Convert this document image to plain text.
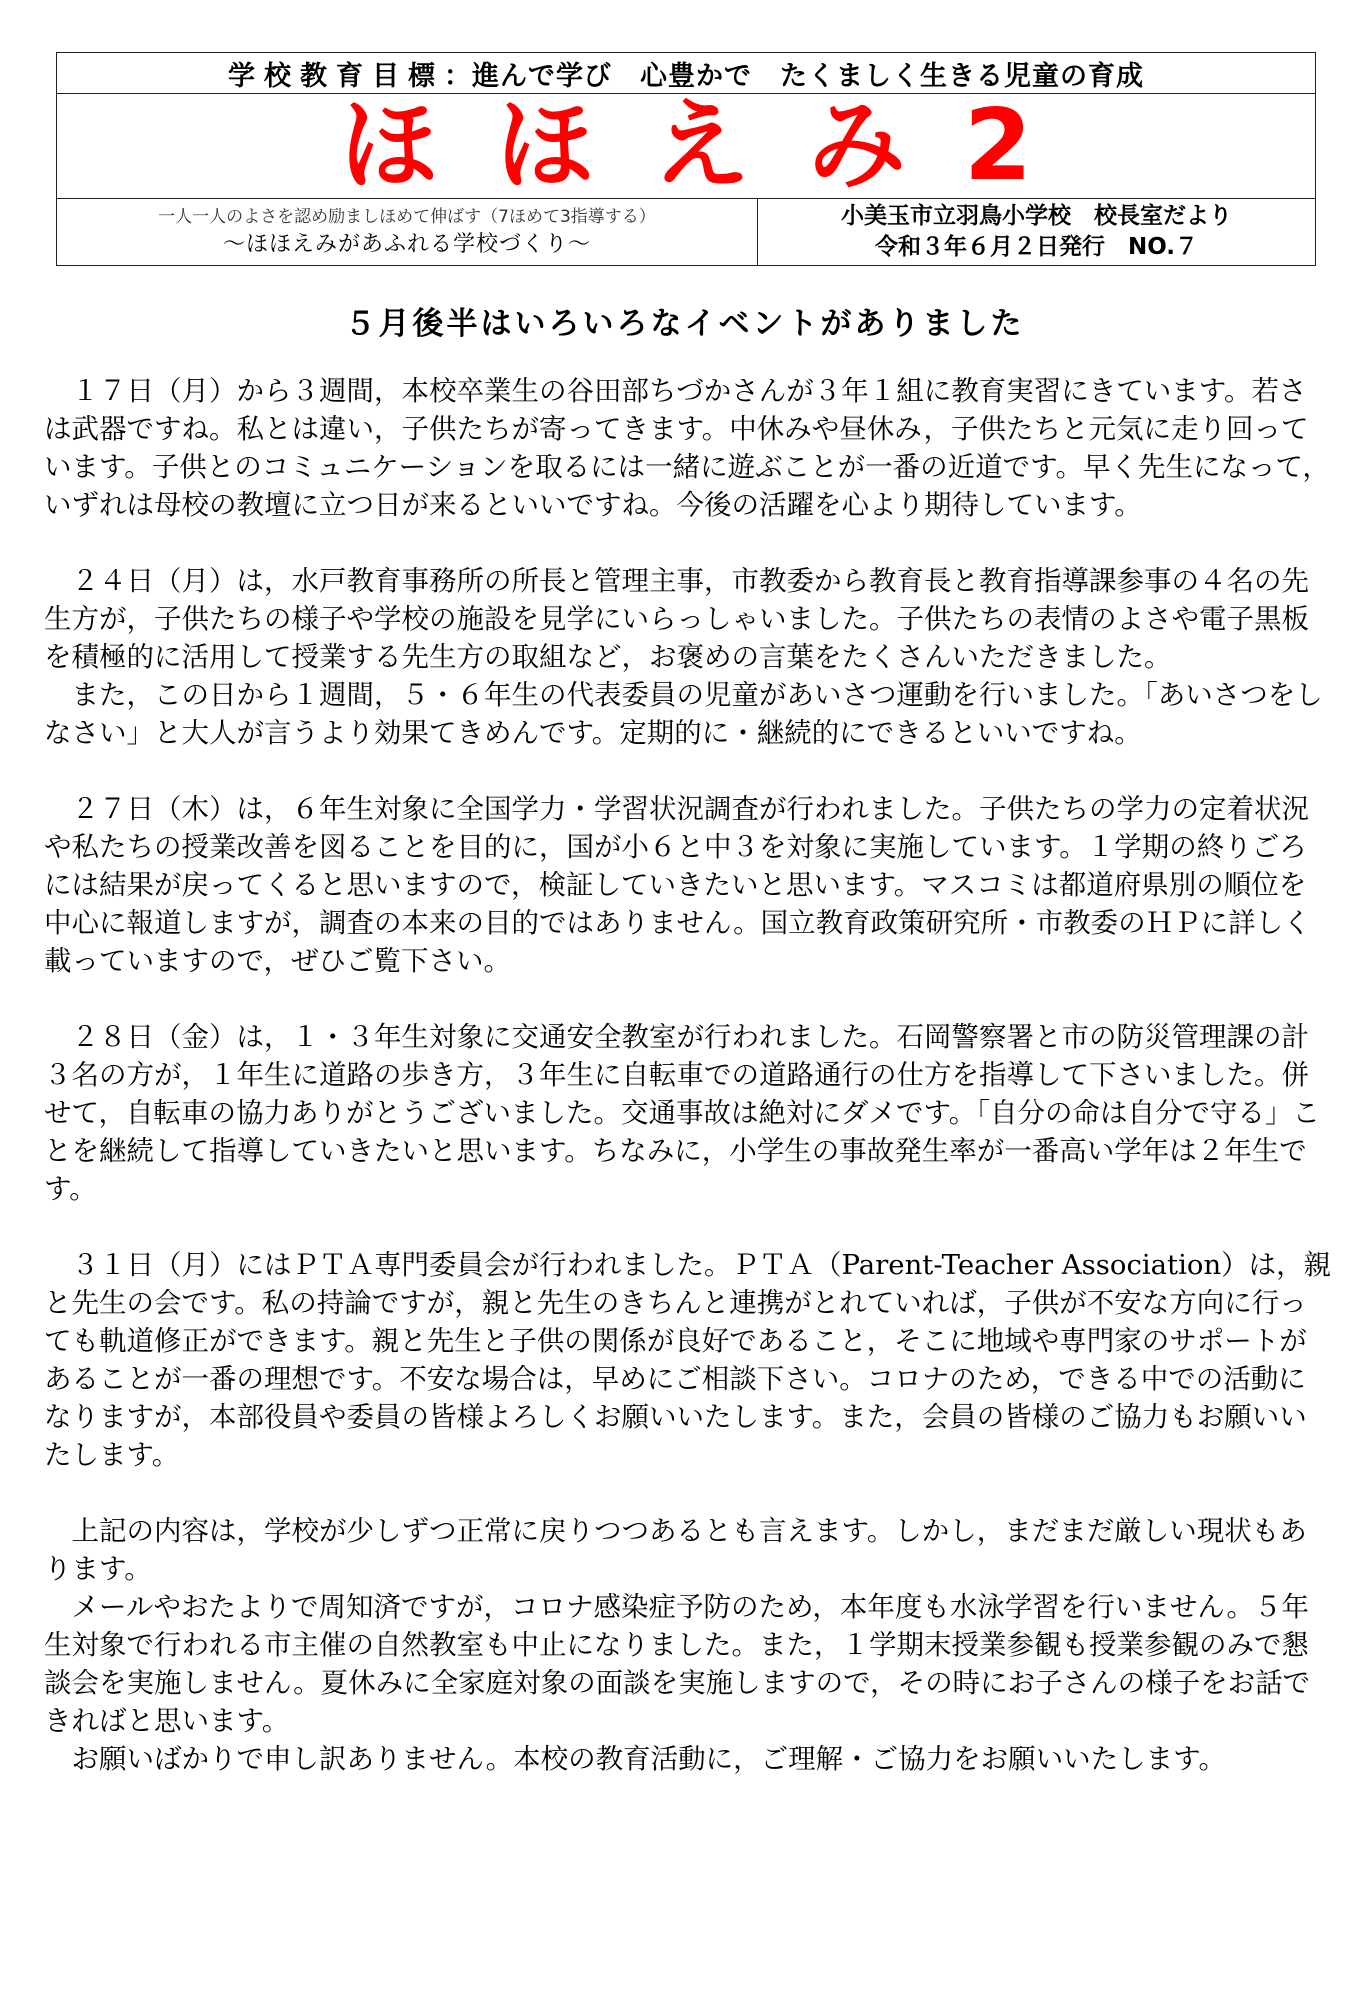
学校教育目標 ：進んで学び　心豊かで　たくましく生きる児童の育成
ほほえみ2
一人一人のよさを認め励ましほめて伸ばす（7ほめて3指導する）
〜ほほえみがあふれる学校づくり〜
小美玉市立羽鳥小学校　校長室だより
令和３年６月２日発行　NO.７
５月後半はいろいろなイベントがありました

１７日（月）から３週間，本校卒業生の谷田部ちづかさんが３年１組に教育実習にきています。若さは武器ですね。私とは違い，子供たちが寄ってきます。中休みや昼休み，子供たちと元気に走り回っています。子供とのコミュニケーションを取るには一緒に遊ぶことが一番の近道です。早く先生になって，いずれは母校の教壇に立つ日が来るといいですね。今後の活躍を心より期待しています。

２４日（月）は，水戸教育事務所の所長と管理主事，市教委から教育長と教育指導課参事の４名の先生方が，子供たちの様子や学校の施設を見学にいらっしゃいました。子供たちの表情のよさや電子黒板を積極的に活用して授業する先生方の取組など，お褒めの言葉をたくさんいただきました。

また，この日から１週間，５・６年生の代表委員の児童があいさつ運動を行いました。「あいさつをしなさい」と大人が言うより効果てきめんです。定期的に・継続的にできるといいですね。

２７日（木）は，６年生対象に全国学力・学習状況調査が行われました。子供たちの学力の定着状況や私たちの授業改善を図ることを目的に，国が小６と中３を対象に実施しています。１学期の終りごろには結果が戻ってくると思いますので，検証していきたいと思います。マスコミは都道府県別の順位を中心に報道しますが，調査の本来の目的ではありません。国立教育政策研究所・市教委のＨＰに詳しく載っていますので，ぜひご覧下さい。

２８日（金）は，１・３年生対象に交通安全教室が行われました。石岡警察署と市の防災管理課の計３名の方が，１年生に道路の歩き方，３年生に自転車での道路通行の仕方を指導して下さいました。併せて，自転車の協力ありがとうございました。交通事故は絶対にダメです。「自分の命は自分で守る」ことを継続して指導していきたいと思います。ちなみに，小学生の事故発生率が一番高い学年は２年生です。

３１日（月）にはＰＴＡ専門委員会が行われました。ＰＴＡ（Parent-Teacher Association）は，親と先生の会です。私の持論ですが，親と先生のきちんと連携がとれていれば，子供が不安な方向に行っても軌道修正ができます。親と先生と子供の関係が良好であること，そこに地域や専門家のサポートがあることが一番の理想です。不安な場合は，早めにご相談下さい。コロナのため，できる中での活動になりますが，本部役員や委員の皆様よろしくお願いいたします。また，会員の皆様のご協力もお願いいたします。

上記の内容は，学校が少しずつ正常に戻りつつあるとも言えます。しかし，まだまだ厳しい現状もあります。

メールやおたよりで周知済ですが，コロナ感染症予防のため，本年度も水泳学習を行いません。５年生対象で行われる市主催の自然教室も中止になりました。また，１学期末授業参観も授業参観のみで懇談会を実施しません。夏休みに全家庭対象の面談を実施しますので，その時にお子さんの様子をお話できればと思います。

お願いばかりで申し訳ありません。本校の教育活動に，ご理解・ご協力をお願いいたします。
